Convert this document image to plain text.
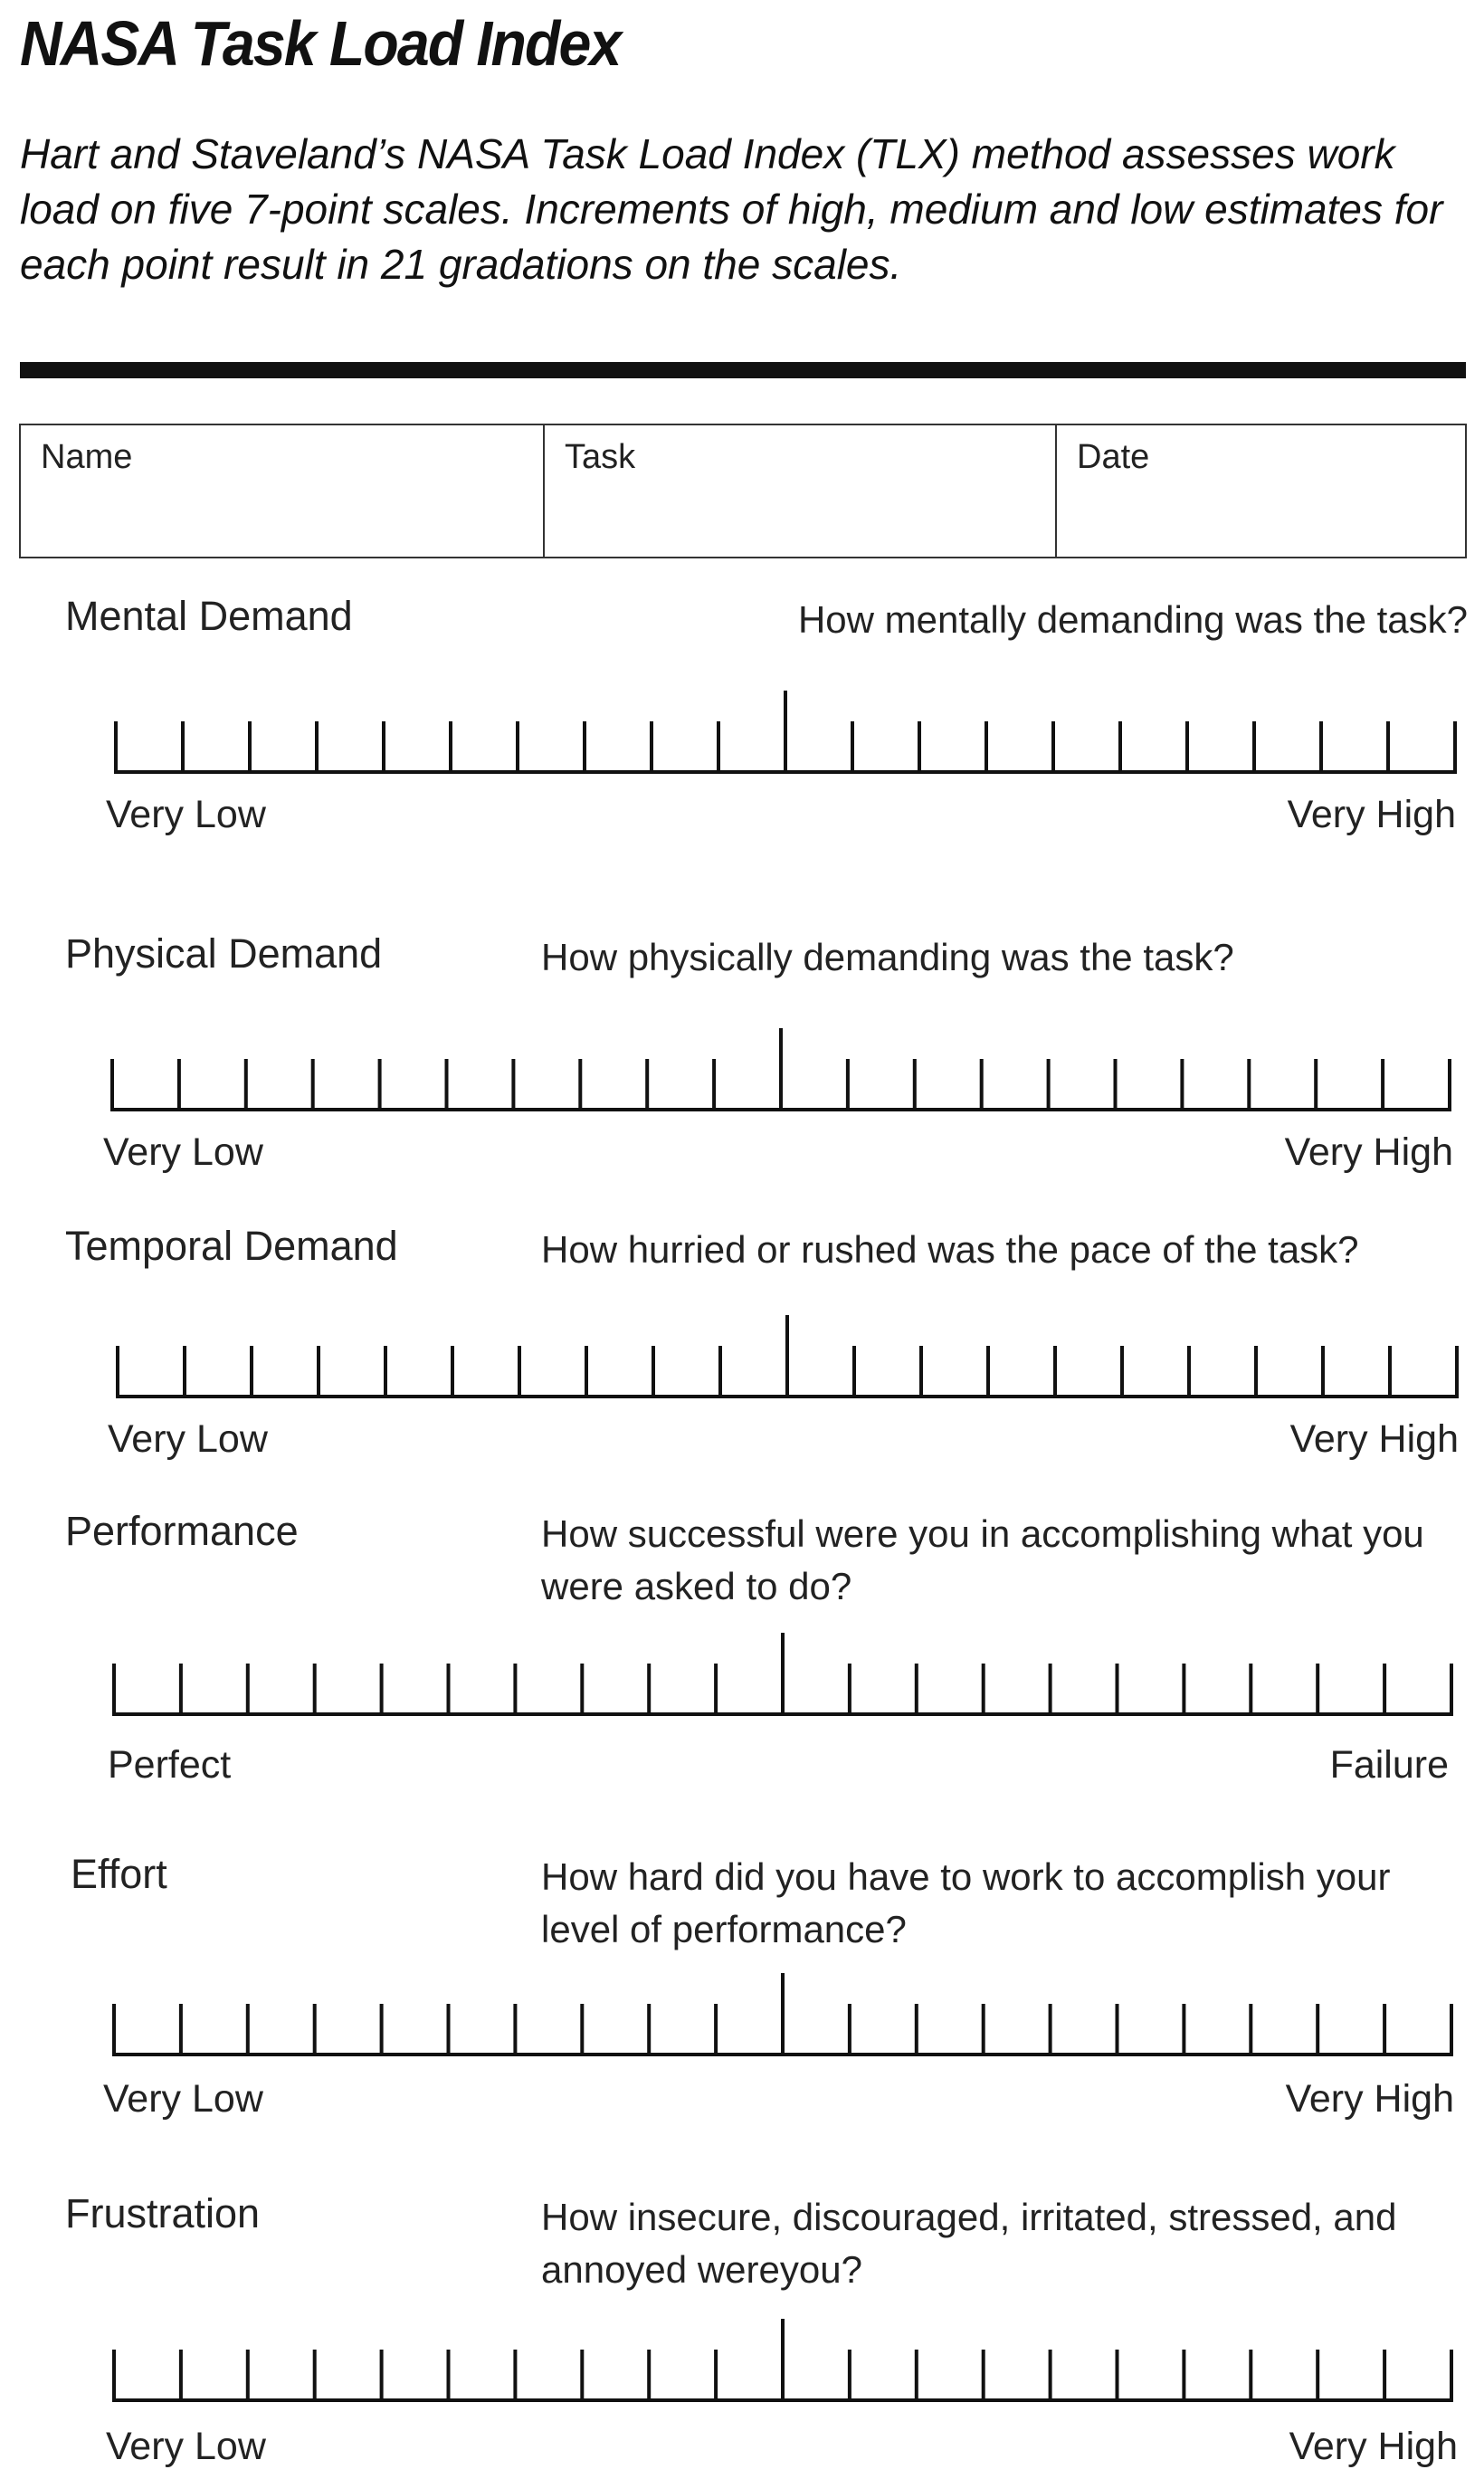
NASA Task Load Index

Hart and Staveland’s NASA Task Load Index (TLX) method assesses work load on five 7-point scales. Increments of high, medium and low estimates for each point result in 21 gradations on the scales.

Name	Task	Date
Mental Demand	How mentally demanding was the task?
Very Low	Very High
Physical Demand	How physically demanding was the task?
Very Low	Very High
Temporal Demand	How hurried or rushed was the pace of the task?
Very Low	Very High
Performance	How successful were you in accomplishing what you were asked to do?
Perfect	Failure
Effort	How hard did you have to work to accomplish your level of performance?
Very Low	Very High
Frustration	How insecure, discouraged, irritated, stressed, and annoyed wereyou?
Very Low	Very High
